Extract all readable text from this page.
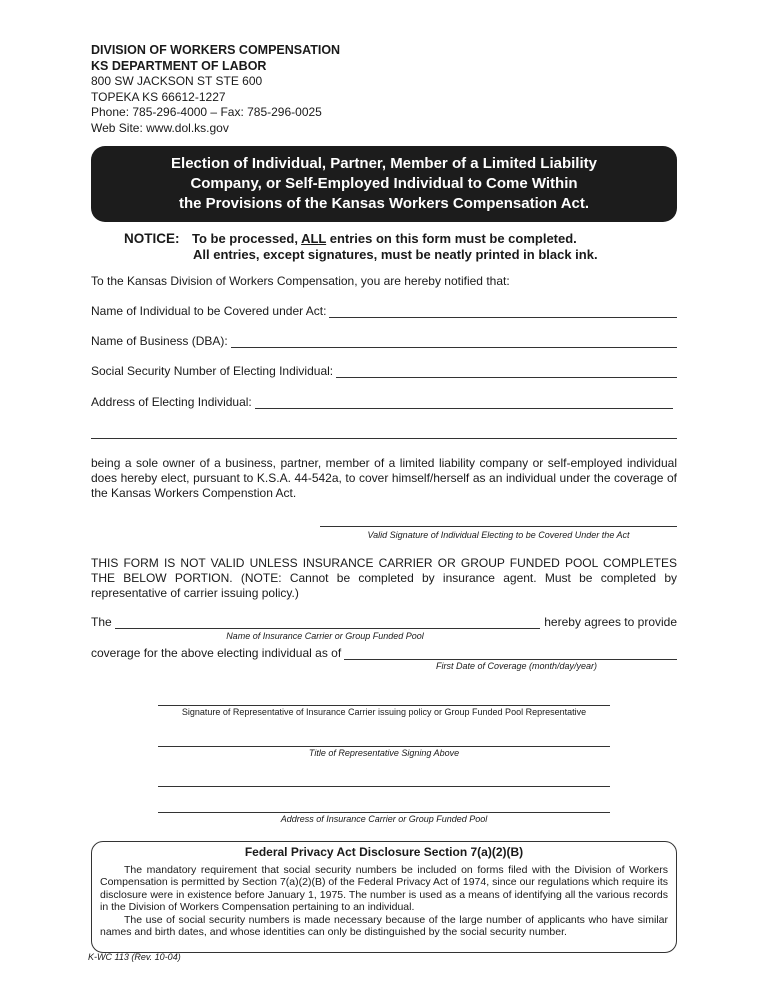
DIVISION OF WORKERS COMPENSATION
KS DEPARTMENT OF LABOR
800 SW JACKSON ST STE 600
TOPEKA KS 66612-1227
Phone: 785-296-4000 – Fax: 785-296-0025
Web Site: www.dol.ks.gov
Election of Individual, Partner, Member of a Limited Liability
Company, or Self-Employed Individual to Come Within
the Provisions of the Kansas Workers Compensation Act.
NOTICE: To be processed, ALL entries on this form must be completed.
All entries, except signatures, must be neatly printed in black ink.
To the Kansas Division of Workers Compensation, you are hereby notified that:
Name of Individual to be Covered under Act:
Name of Business (DBA):
Social Security Number of Electing Individual:
Address of Electing Individual:
being a sole owner of a business, partner, member of a limited liability company or self-employed individual does hereby elect, pursuant to K.S.A. 44-542a, to cover himself/herself as an individual under the coverage of the Kansas Workers Compenstion Act.
Valid Signature of Individual Electing to be Covered Under the Act
THIS FORM IS NOT VALID UNLESS INSURANCE CARRIER OR GROUP FUNDED POOL COMPLETES THE BELOW PORTION. (NOTE: Cannot be completed by insurance agent. Must be completed by representative of carrier issuing policy.)
The	hereby agrees to provide
Name of Insurance Carrier or Group Funded Pool
coverage for the above electing individual as of
First Date of Coverage (month/day/year)
Signature of Representative of Insurance Carrier issuing policy or Group Funded Pool Representative
Title of Representative Signing Above
Address of Insurance Carrier or Group Funded Pool
Federal Privacy Act Disclosure Section 7(a)(2)(B)

The mandatory requirement that social security numbers be included on forms filed with the Division of Workers Compensation is permitted by Section 7(a)(2)(B) of the Federal Privacy Act of 1974, since our regulations which require its disclosure were in existence before January 1, 1975. The number is used as a means of identifying all the various records in the Division of Workers Compensation pertaining to an individual.

The use of social security numbers is made necessary because of the large number of applicants who have similar names and birth dates, and whose identities can only be distinguished by the social security number.

K-WC 113 (Rev. 10-04)
